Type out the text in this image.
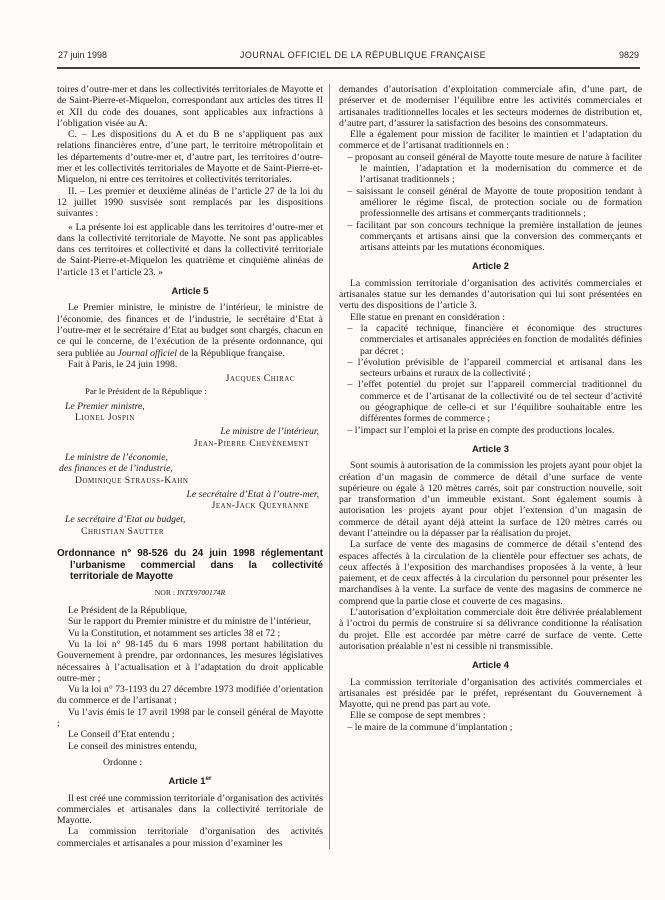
27 juin 1998	JOURNAL OFFICIEL DE LA RÉPUBLIQUE FRANÇAISE	9829

toires d’outre-mer et dans les collectivités territoriales de Mayotte et de Saint-Pierre-et-Miquelon, correspondant aux articles des titres II et XII du code des douanes, sont applicables aux infractions à l’obligation visée au A.

C. – Les dispositions du A et du B ne s’appliquent pas aux relations financières entre, d’une part, le territoire métropolitain et les départements d’outre-mer et, d’autre part, les territoires d’outre-mer et les collectivités territoriales de Mayotte et de Saint-Pierre-et-Miquelon, ni entre ces territoires et collectivités territoriales.

II. – Les premier et deuxième alinéas de l’article 27 de la loi du 12 juillet 1990 susvisée sont remplacés par les dispositions suivantes :

« La présente loi est applicable dans les territoires d’outre-mer et dans la collectivité territoriale de Mayotte. Ne sont pas applicables dans ces territoires et collectivité et dans la collectivité territoriale de Saint-Pierre-et-Miquelon les quatrième et cinquième alinéas de l’article 13 et l’article 23. »

Article 5

Le Premier ministre, le ministre de l’intérieur, le ministre de l’économie, des finances et de l’industrie, le secrétaire d’Etat à l’outre-mer et le secrétaire d’Etat au budget sont chargés, chacun en ce qui le concerne, de l’exécution de la présente ordonnance, qui sera publiée au Journal officiel de la République française.

Fait à Paris, le 24 juin 1998.

Jacques Chirac
Par le Président de la République :
Le Premier ministre,
Lionel Jospin
Le ministre de l’intérieur,
Jean-Pierre Chevènement
Le ministre de l’économie,
des finances et de l’industrie,
Dominique Strauss-Kahn
Le secrétaire d’Etat à l’outre-mer,
Jean-Jack Queyranne
Le secrétaire d’Etat au budget,
Christian Sautter
Ordonnance n° 98-526 du 24 juin 1998 réglementant l’urbanisme commercial dans la collectivité territoriale de Mayotte

NOR : INTX9700174R

Le Président de la République,

Sur le rapport du Premier ministre et du ministre de l’intérieur,

Vu la Constitution, et notamment ses articles 38 et 72 ;

Vu la loi n° 98-145 du 6 mars 1998 portant habilitation du Gouvernement à prendre, par ordonnances, les mesures législatives nécessaires à l’actualisation et à l’adaptation du droit applicable outre-mer ;

Vu la loi n° 73-1193 du 27 décembre 1973 modifiée d’orientation du commerce et de l’artisanat ;

Vu l’avis émis le 17 avril 1998 par le conseil général de Mayotte ;

Le Conseil d’Etat entendu ;

Le conseil des ministres entendu,

Ordonne :

Article 1er

Il est créé une commission territoriale d’organisation des activités commerciales et artisanales dans la collectivité territoriale de Mayotte.

La commission territoriale d’organisation des activités commerciales et artisanales a pour mission d’examiner les

demandes d’autorisation d’exploitation commerciale afin, d’une part, de préserver et de moderniser l’équilibre entre les activités commerciales et artisanales traditionnelles locales et les secteurs modernes de distribution et, d’autre part, d’assurer la satisfaction des besoins des consommateurs.

Elle a également pour mission de faciliter le maintien et l’adaptation du commerce et de l’artisanat traditionnels en :

– proposant au conseil général de Mayotte toute mesure de nature à faciliter le maintien, l’adaptation et la modernisation du commerce et de l’artisanat traditionnels ;
– saisissant le conseil général de Mayotte de toute proposition tendant à améliorer le régime fiscal, de protection sociale ou de formation professionnelle des artisans et commerçants traditionnels ;
– facilitant par son concours technique la première installation de jeunes commerçants et artisans ainsi que la conversion des commerçants et artisans atteints par les mutations économiques.
Article 2

La commission territoriale d’organisation des activités commerciales et artisanales statue sur les demandes d’autorisation qui lui sont présentées en vertu des dispositions de l’article 3.

Elle statue en prenant en considération :

– la capacité technique, financière et économique des structures commerciales et artisanales appréciées en fonction de modalités définies par décret ;
– l’évolution prévisible de l’appareil commercial et artisanal dans les secteurs urbains et ruraux de la collectivité ;
– l’effet potentiel du projet sur l’appareil commercial traditionnel du commerce et de l’artisanat de la collectivité ou de tel secteur d’activité ou géographique de celle-ci et sur l’équilibre souhaitable entre les différentes formes de commerce ;
– l’impact sur l’emploi et la prise en compte des productions locales.
Article 3

Sont soumis à autorisation de la commission les projets ayant pour objet la création d’un magasin de commerce de détail d’une surface de vente supérieure ou égale à 120 mètres carrés, soit par construction nouvelle, soit par transformation d’un immeuble existant. Sont également soumis à autorisation les projets ayant pour objet l’extension d’un magasin de commerce de détail ayant déjà atteint la surface de 120 mètres carrés ou devant l’atteindre ou la dépasser par la réalisation du projet.

La surface de vente des magasins de commerce de détail s’entend des espaces affectés à la circulation de la clientèle pour effectuer ses achats, de ceux affectés à l’exposition des marchandises proposées à la vente, à leur paiement, et de ceux affectés à la circulation du personnel pour présenter les marchandises à la vente. La surface de vente des magasins de commerce ne comprend que la partie close et couverte de ces magasins.

L’autorisation d’exploitation commerciale doit être délivrée préalablement à l’octroi du permis de construire si sa délivrance conditionne la réalisation du projet. Elle est accordée par mètre carré de surface de vente. Cette autorisation préalable n’est ni cessible ni transmissible.

Article 4

La commission territoriale d’organisation des activités commerciales et artisanales est présidée par le préfet, représentant du Gouvernement à Mayotte, qui ne prend pas part au vote.

Elle se compose de sept membres :

– le maire de la commune d’implantation ;
